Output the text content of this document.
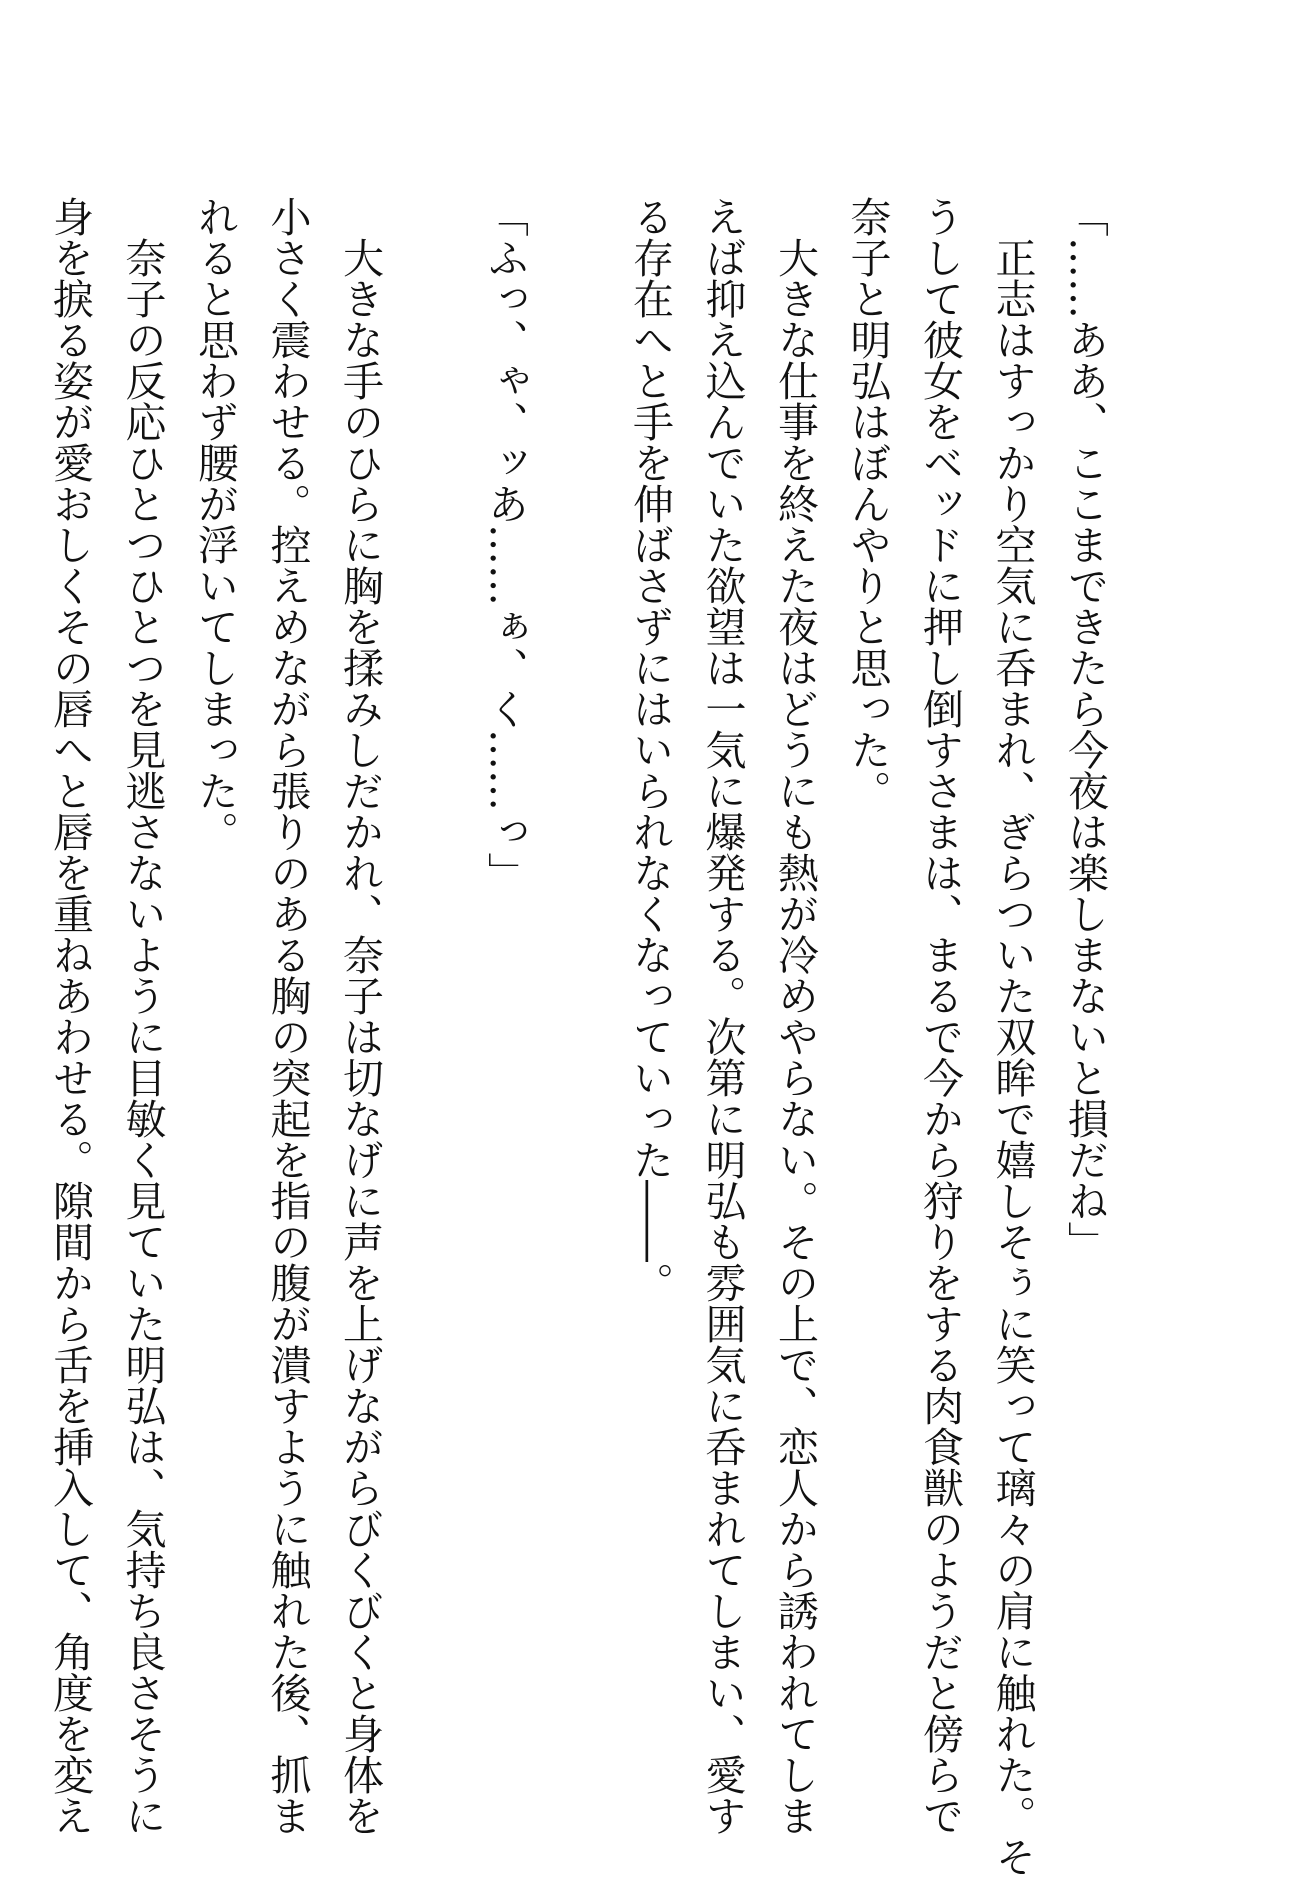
「……ああ、ここまできたら今夜は楽しまないと損だね」
　正志はすっかり空気に呑まれ、ぎらついた双眸で嬉しそぅに笑って璃々の肩に触れた。そ
うして彼女をベッドに押し倒すさまは、まるで今から狩りをする肉食獣のようだと傍らで
奈子と明弘はぼんやりと思った。
　大きな仕事を終えた夜はどうにも熱が冷めやらない。その上で、恋人から誘われてしま
えば抑え込んでいた欲望は一気に爆発する。次第に明弘も雰囲気に呑まれてしまい、愛す
る存在へと手を伸ばさずにはいられなくなっていった――。
「ふっ、ゃ、ッあ……ぁ、く……っ」
　大きな手のひらに胸を揉みしだかれ、奈子は切なげに声を上げながらびくびくと身体を
小さく震わせる。控えめながら張りのある胸の突起を指の腹が潰すように触れた後、抓ま
れると思わず腰が浮いてしまった。
　奈子の反応ひとつひとつを見逃さないように目敏く見ていた明弘は、気持ち良さそうに
身を捩る姿が愛おしくその唇へと唇を重ねあわせる。隙間から舌を挿入して、角度を変え
